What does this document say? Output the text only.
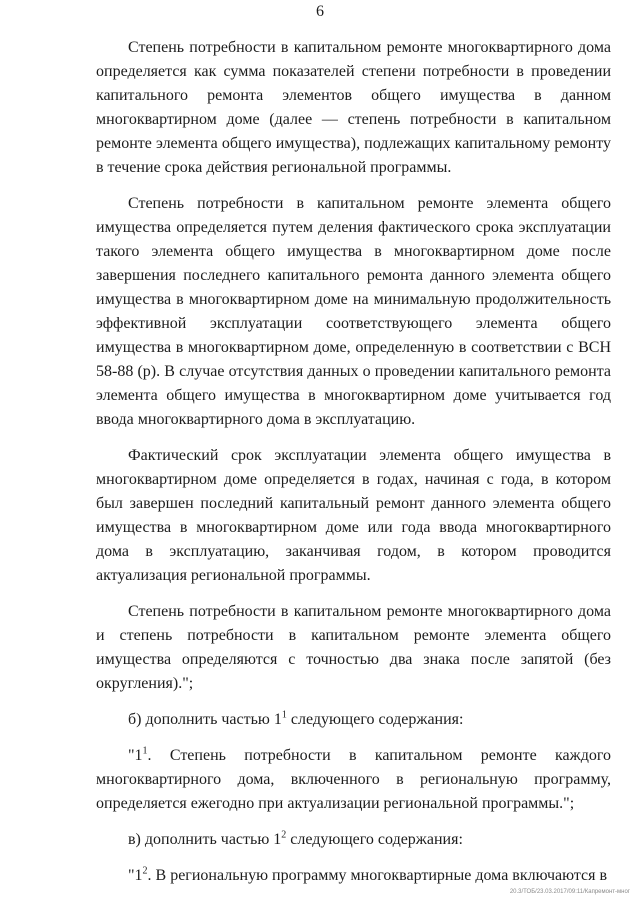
6

Степень потребности в капитальном ремонте многоквартирного дома определяется как сумма показателей степени потребности в проведении капитального ремонта элементов общего имущества в данном многоквартирном доме (далее — степень потребности в капитальном ремонте элемента общего имущества), подлежащих капитальному ремонту в течение срока действия региональной программы.

Степень потребности в капитальном ремонте элемента общего имущества определяется путем деления фактического срока эксплуатации такого элемента общего имущества в многоквартирном доме после завершения последнего капитального ремонта данного элемента общего имущества в многоквартирном доме на минимальную продолжительность эффективной эксплуатации соответствующего элемента общего имущества в многоквартирном доме, определенную в соответствии с ВСН 58-88 (р). В случае отсутствия данных о проведении капитального ремонта элемента общего имущества в многоквартирном доме учитывается год ввода многоквартирного дома в эксплуатацию.

Фактический срок эксплуатации элемента общего имущества в многоквартирном доме определяется в годах, начиная с года, в котором был завершен последний капитальный ремонт данного элемента общего имущества в многоквартирном доме или года ввода многоквартирного дома в эксплуатацию, заканчивая годом, в котором проводится актуализация региональной программы.

Степень потребности в капитальном ремонте многоквартирного дома и степень потребности в капитальном ремонте элемента общего имущества определяются с точностью два знака после запятой (без округления).";

б) дополнить частью $1^1$ следующего содержания:

"$1^1$. Степень потребности в капитальном ремонте каждого многоквартирного дома, включенного в региональную программу, определяется ежегодно при актуализации региональной программы.";

в) дополнить частью $1^2$ следующего содержания:

"$1^2$. В региональную программу многоквартирные дома включаются в

20.3/ТОБ/23.03.2017/09:11/Капремонт-мног
